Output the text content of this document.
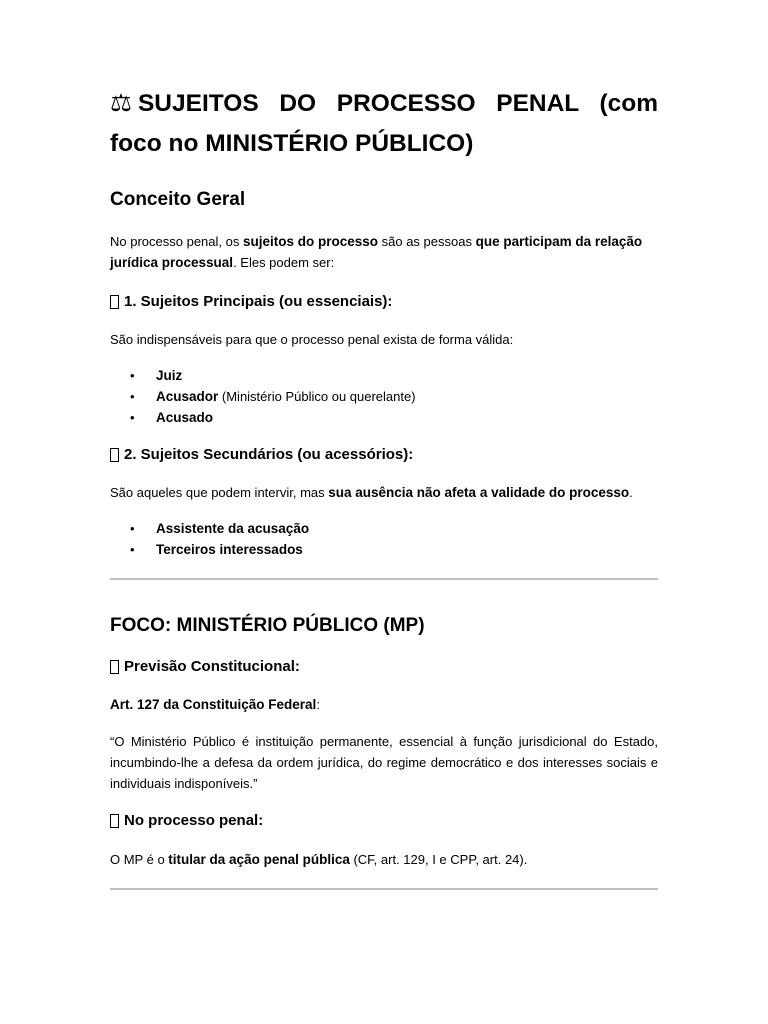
⚖ SUJEITOS DO PROCESSO PENAL (com foco no MINISTÉRIO PÚBLICO)
Conceito Geral

No processo penal, os sujeitos do processo são as pessoas que participam da relação jurídica processual. Eles podem ser:

1. Sujeitos Principais (ou essenciais):

São indispensáveis para que o processo penal exista de forma válida:

• Juiz
• Acusador (Ministério Público ou querelante)
• Acusado
2. Sujeitos Secundários (ou acessórios):

São aqueles que podem intervir, mas sua ausência não afeta a validade do processo.

• Assistente da acusação
• Terceiros interessados
FOCO: MINISTÉRIO PÚBLICO (MP)
Previsão Constitucional:

Art. 127 da Constituição Federal:

“O Ministério Público é instituição permanente, essencial à função jurisdicional do Estado, incumbindo-lhe a defesa da ordem jurídica, do regime democrático e dos interesses sociais e individuais indisponíveis.”

No processo penal:

O MP é o titular da ação penal pública (CF, art. 129, I e CPP, art. 24).
